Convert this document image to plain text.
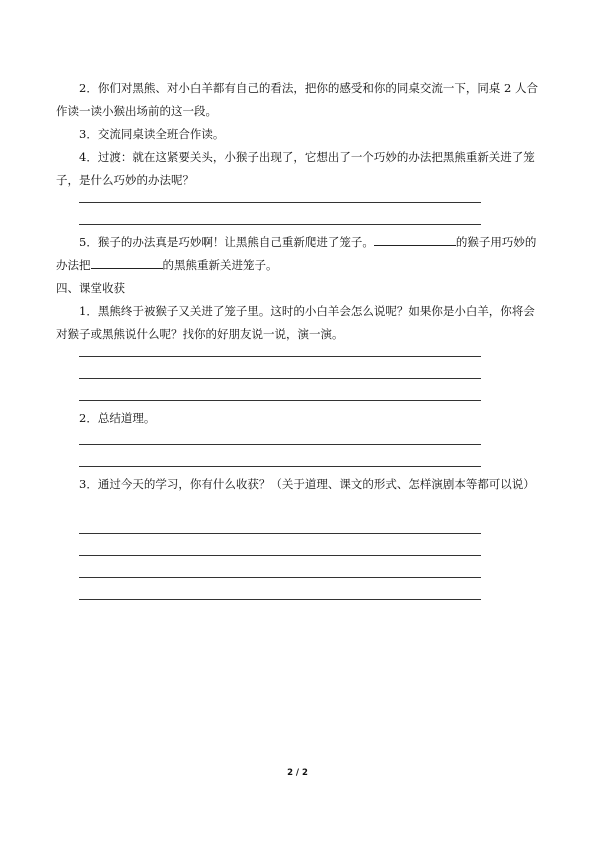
2．你们对黑熊、对小白羊都有自己的看法，把你的感受和你的同桌交流一下，同桌 2 人合作读一读小猴出场前的这一段。

3．交流同桌读全班合作读。

4．过渡：就在这紧要关头，小猴子出现了，它想出了一个巧妙的办法把黑熊重新关进了笼子，是什么巧妙的办法呢？

5．猴子的办法真是巧妙啊！让黑熊自己重新爬进了笼子。	的猴子用巧妙的办法把	的黑熊重新关进笼子。

四、课堂收获

1．黑熊终于被猴子又关进了笼子里。这时的小白羊会怎么说呢？如果你是小白羊，你将会对猴子或黑熊说什么呢？找你的好朋友说一说，演一演。

2．总结道理。

3．通过今天的学习，你有什么收获？（关于道理、课文的形式、怎样演剧本等都可以说）

2 / 2
